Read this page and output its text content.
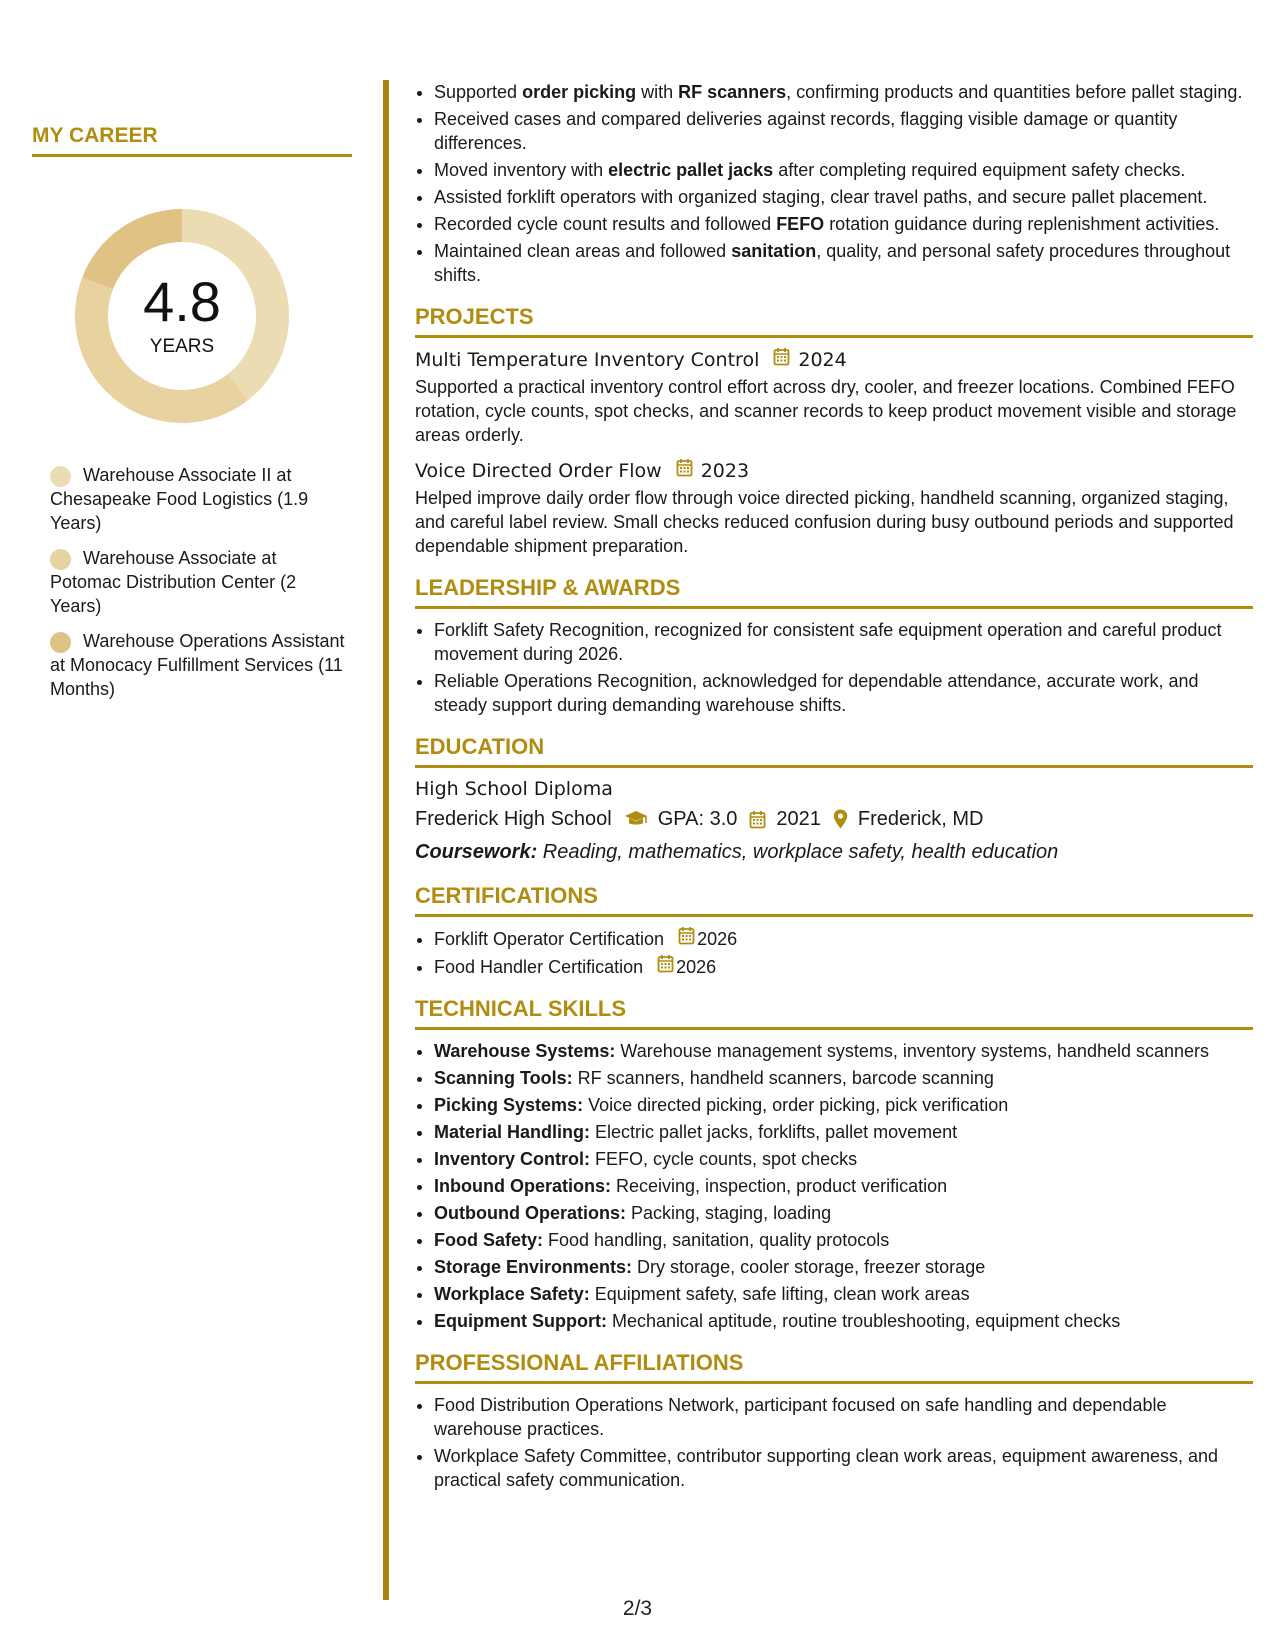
MY CAREER
4.8
YEARS
Warehouse Associate II at Chesapeake Food Logistics (1.9 Years)
Warehouse Associate at Potomac Distribution Center (2 Years)
Warehouse Operations Assistant at Monocacy Fulfillment Services (11 Months)
• Supported order picking with RF scanners, confirming products and quantities before pallet staging.
• Received cases and compared deliveries against records, flagging visible damage or quantity differences.
• Moved inventory with electric pallet jacks after completing required equipment safety checks.
• Assisted forklift operators with organized staging, clear travel paths, and secure pallet placement.
• Recorded cycle count results and followed FEFO rotation guidance during replenishment activities.
• Maintained clean areas and followed sanitation, quality, and personal safety procedures throughout shifts.
PROJECTS
Multi Temperature Inventory Control 2024

Supported a practical inventory control effort across dry, cooler, and freezer locations. Combined FEFO rotation, cycle counts, spot checks, and scanner records to keep product movement visible and storage areas orderly.

Voice Directed Order Flow 2023

Helped improve daily order flow through voice directed picking, handheld scanning, organized staging, and careful label review. Small checks reduced confusion during busy outbound periods and supported dependable shipment preparation.

LEADERSHIP & AWARDS
• Forklift Safety Recognition, recognized for consistent safe equipment operation and careful product movement during 2026.
• Reliable Operations Recognition, acknowledged for dependable attendance, accurate work, and steady support during demanding warehouse shifts.
EDUCATION
High School Diploma
Frederick High School GPA: 3.0 2021 Frederick, MD
Coursework: Reading, mathematics, workplace safety, health education
CERTIFICATIONS
• Forklift Operator Certification 2026
• Food Handler Certification 2026
TECHNICAL SKILLS
• Warehouse Systems: Warehouse management systems, inventory systems, handheld scanners
• Scanning Tools: RF scanners, handheld scanners, barcode scanning
• Picking Systems: Voice directed picking, order picking, pick verification
• Material Handling: Electric pallet jacks, forklifts, pallet movement
• Inventory Control: FEFO, cycle counts, spot checks
• Inbound Operations: Receiving, inspection, product verification
• Outbound Operations: Packing, staging, loading
• Food Safety: Food handling, sanitation, quality protocols
• Storage Environments: Dry storage, cooler storage, freezer storage
• Workplace Safety: Equipment safety, safe lifting, clean work areas
• Equipment Support: Mechanical aptitude, routine troubleshooting, equipment checks
PROFESSIONAL AFFILIATIONS
• Food Distribution Operations Network, participant focused on safe handling and dependable warehouse practices.
• Workplace Safety Committee, contributor supporting clean work areas, equipment awareness, and practical safety communication.
2/3
